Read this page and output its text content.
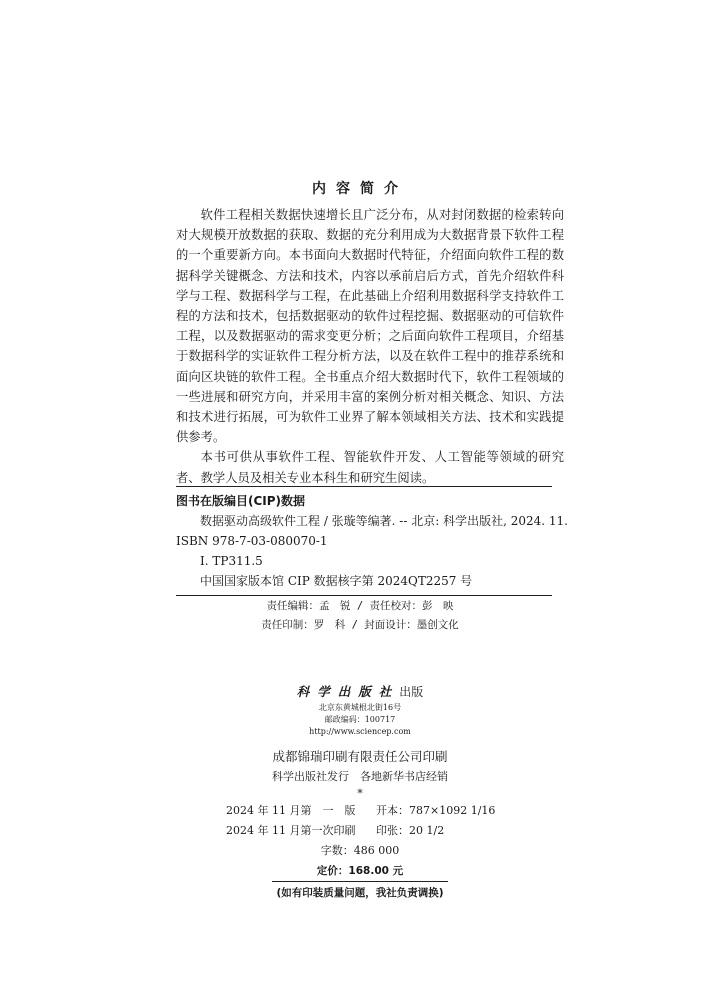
内容简介

软件工程相关数据快速增长且广泛分布，从对封闭数据的检索转向对大规模开放数据的获取、数据的充分利用成为大数据背景下软件工程的一个重要新方向。本书面向大数据时代特征，介绍面向软件工程的数据科学关键概念、方法和技术，内容以承前启后方式，首先介绍软件科学与工程、数据科学与工程，在此基础上介绍利用数据科学支持软件工程的方法和技术，包括数据驱动的软件过程挖掘、数据驱动的可信软件工程，以及数据驱动的需求变更分析；之后面向软件工程项目，介绍基于数据科学的实证软件工程分析方法，以及在软件工程中的推荐系统和面向区块链的软件工程。全书重点介绍大数据时代下，软件工程领域的一些进展和研究方向，并采用丰富的案例分析对相关概念、知识、方法和技术进行拓展，可为软件工业界了解本领域相关方法、技术和实践提供参考。

本书可供从事软件工程、智能软件开发、人工智能等领域的研究者、教学人员及相关专业本科生和研究生阅读。

图书在版编目(CIP)数据
数据驱动高级软件工程 / 张璇等编著. -- 北京: 科学出版社, 2024. 11.
ISBN 978-7-03-080070-1
Ⅰ. TP311.5
中国国家版本馆 CIP 数据核字第 2024QT2257 号
责任编辑：孟　锐 / 责任校对：彭　映
责任印制：罗　科 / 封面设计：墨创文化
科学出版社出版
北京东黄城根北街16号
邮政编码：100717
http://www.sciencep.com
成都锦瑞印刷有限责任公司印刷
科学出版社发行　各地新华书店经销
*
2024 年 11 月第　一　版 开本：787×1092 1/16
2024 年 11 月第一次印刷 印张：20 1/2
字数：486 000
定价：168.00 元
(如有印装质量问题，我社负责调换)
